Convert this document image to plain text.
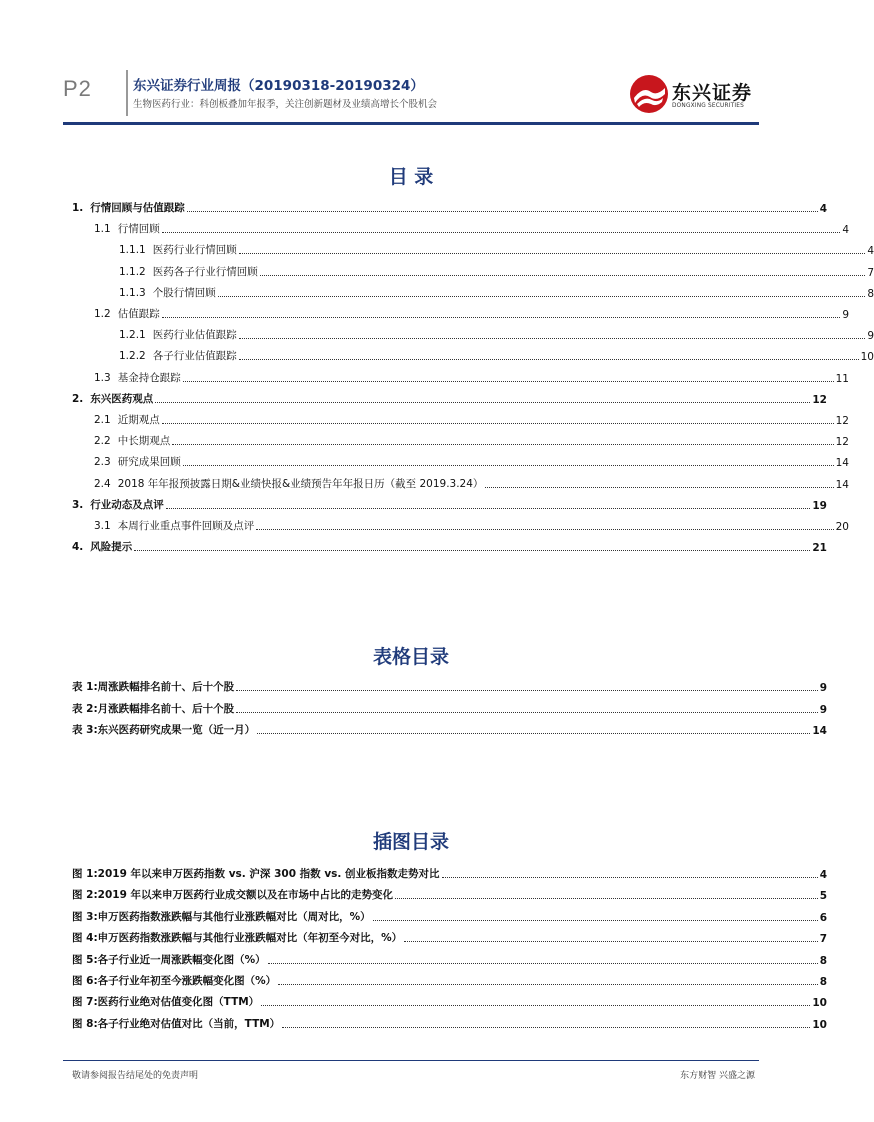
P2	东兴证券行业周报（20190318-20190324）
生物医药行业：科创板叠加年报季，关注创新题材及业绩高增长个股机会
东兴证券
DONGXING SECURITIES
目 录
1. 行情回顾与估值跟踪	4
1.1 行情回顾	4
1.1.1 医药行业行情回顾	4
1.1.2 医药各子行业行情回顾	7
1.1.3 个股行情回顾	8
1.2 估值跟踪	9
1.2.1 医药行业估值跟踪	9
1.2.2 各子行业估值跟踪	10
1.3 基金持仓跟踪	11
2. 东兴医药观点	12
2.1 近期观点	12
2.2 中长期观点	12
2.3 研究成果回顾	14
2.4 2018 年年报预披露日期&业绩快报&业绩预告年年报日历（截至 2019.3.24）	14
3. 行业动态及点评	19
3.1 本周行业重点事件回顾及点评	20
4. 风险提示	21
表格目录
表 1:周涨跌幅排名前十、后十个股	9
表 2:月涨跌幅排名前十、后十个股	9
表 3:东兴医药研究成果一览（近一月）	14
插图目录
图 1:2019 年以来申万医药指数 vs. 沪深 300 指数 vs. 创业板指数走势对比	4
图 2:2019 年以来申万医药行业成交额以及在市场中占比的走势变化	5
图 3:申万医药指数涨跌幅与其他行业涨跌幅对比（周对比，%）	6
图 4:申万医药指数涨跌幅与其他行业涨跌幅对比（年初至今对比，%）	7
图 5:各子行业近一周涨跌幅变化图（%）	8
图 6:各子行业年初至今涨跌幅变化图（%）	8
图 7:医药行业绝对估值变化图（TTM）	10
图 8:各子行业绝对估值对比（当前，TTM）	10
敬请参阅报告结尾处的免责声明	东方财智 兴盛之源
